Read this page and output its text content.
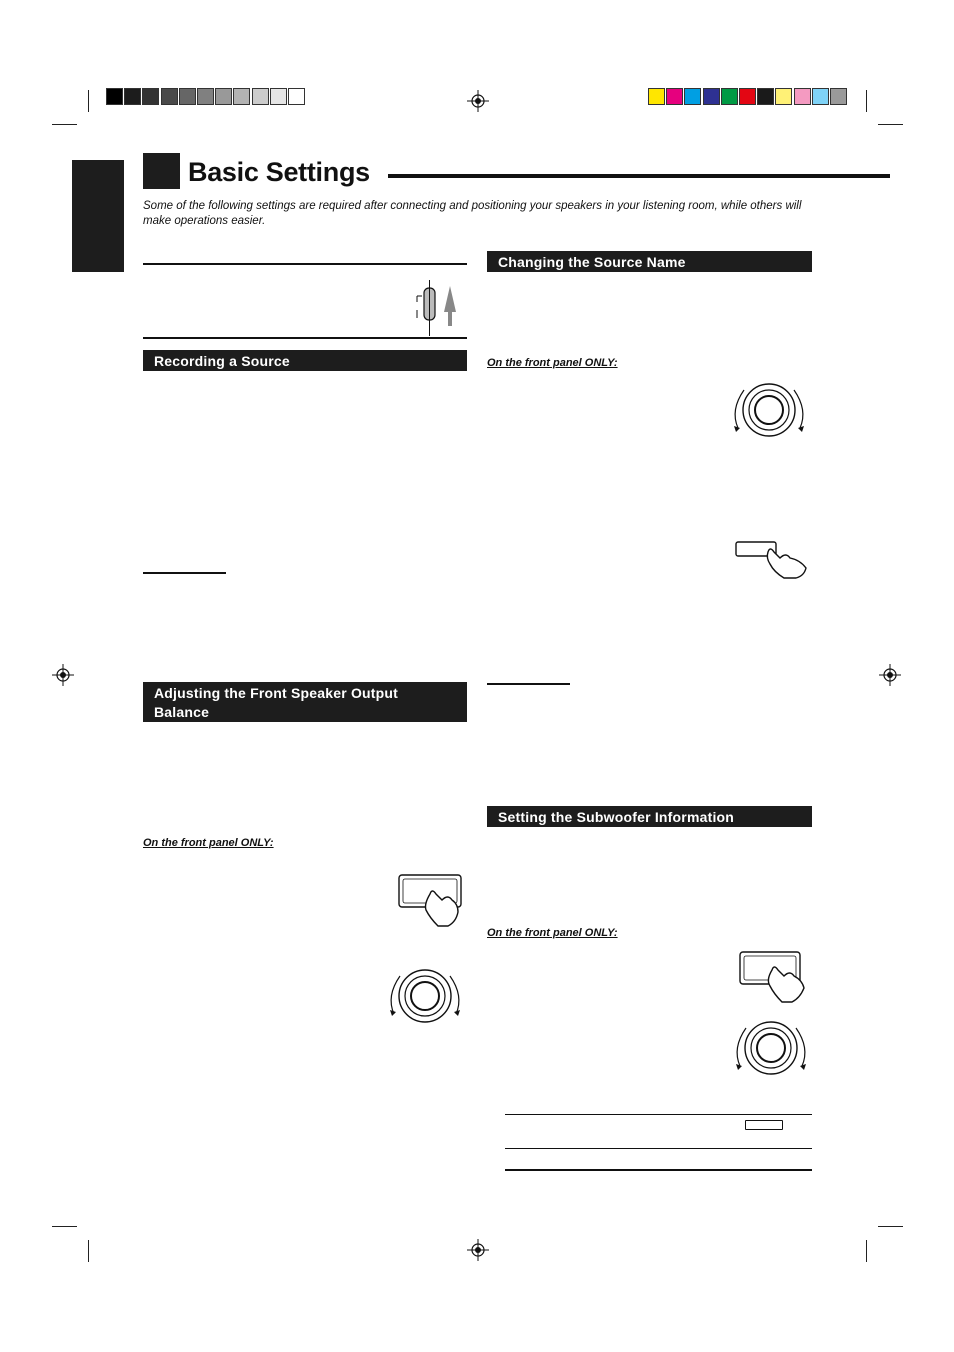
Basic Settings
Some of the following settings are required after connecting and positioning your speakers in your listening room, while others will make operations easier.
Recording a Source
Adjusting the Front Speaker Output Balance
On the front panel ONLY:
Changing the Source Name
On the front panel ONLY:
Setting the Subwoofer Information
On the front panel ONLY:
